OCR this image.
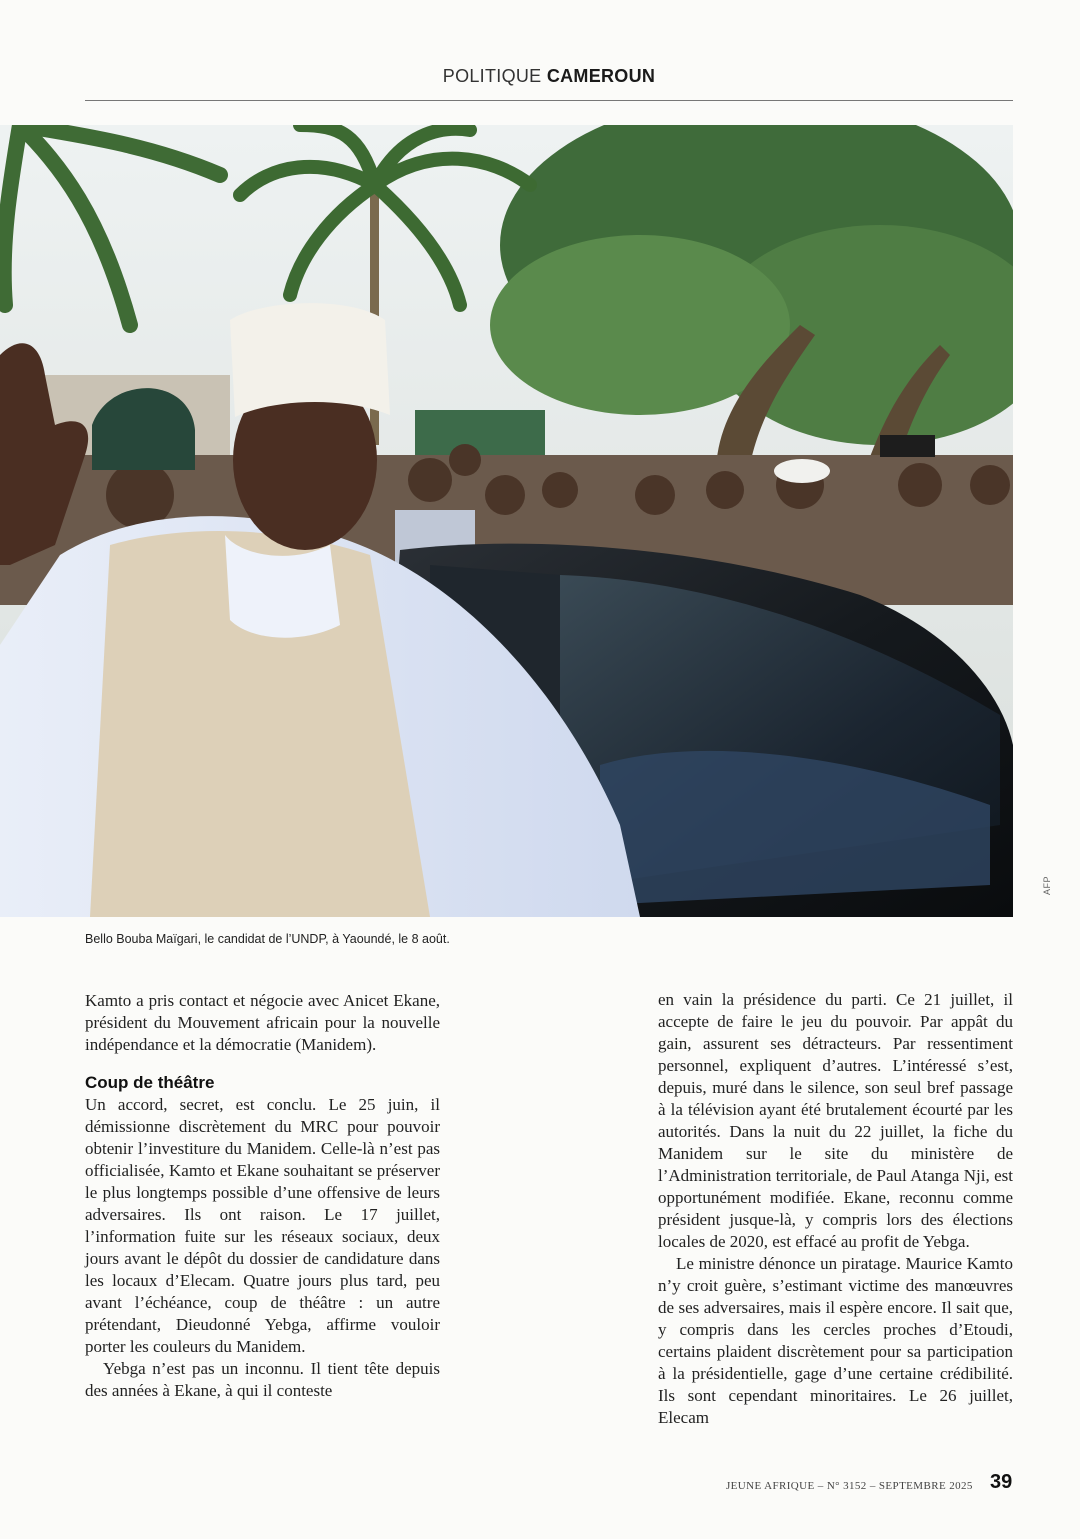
POLITIQUE CAMEROUN
AFP
Bello Bouba Maïgari, le candidat de l’UNDP, à Yaoundé, le 8 août.

Kamto a pris contact et négocie avec Anicet Ekane, président du Mouvement africain pour la nouvelle indépendance et la démocratie (Manidem).

Coup de théâtre

Un accord, secret, est conclu. Le 25 juin, il démissionne discrètement du MRC pour pouvoir obtenir l’investiture du Manidem. Celle-là n’est pas officialisée, Kamto et Ekane souhaitant se préserver le plus longtemps possible d’une offensive de leurs adversaires. Ils ont raison. Le 17 juillet, l’information fuite sur les réseaux sociaux, deux jours avant le dépôt du dossier de candidature dans les locaux d’Elecam. Quatre jours plus tard, peu avant l’échéance, coup de théâtre : un autre prétendant, Dieudonné Yebga, affirme vouloir porter les couleurs du Manidem.

Yebga n’est pas un inconnu. Il tient tête depuis des années à Ekane, à qui il conteste

en vain la présidence du parti. Ce 21 juillet, il accepte de faire le jeu du pouvoir. Par appât du gain, assurent ses détracteurs. Par ressentiment personnel, expliquent d’autres. L’intéressé s’est, depuis, muré dans le silence, son seul bref passage à la télévision ayant été brutalement écourté par les autorités. Dans la nuit du 22 juillet, la fiche du Manidem sur le site du ministère de l’Administration territoriale, de Paul Atanga Nji, est opportunément modifiée. Ekane, reconnu comme président jusque-là, y compris lors des élections locales de 2020, est effacé au profit de Yebga.

Le ministre dénonce un piratage. Maurice Kamto n’y croit guère, s’estimant victime des manœuvres de ses adversaires, mais il espère encore. Il sait que, y compris dans les cercles proches d’Etoudi, certains plaident discrètement pour sa participation à la présidentielle, gage d’une certaine crédibilité. Ils sont cependant minoritaires. Le 26 juillet, Elecam

JEUNE AFRIQUE – N° 3152 – SEPTEMBRE 2025 39
